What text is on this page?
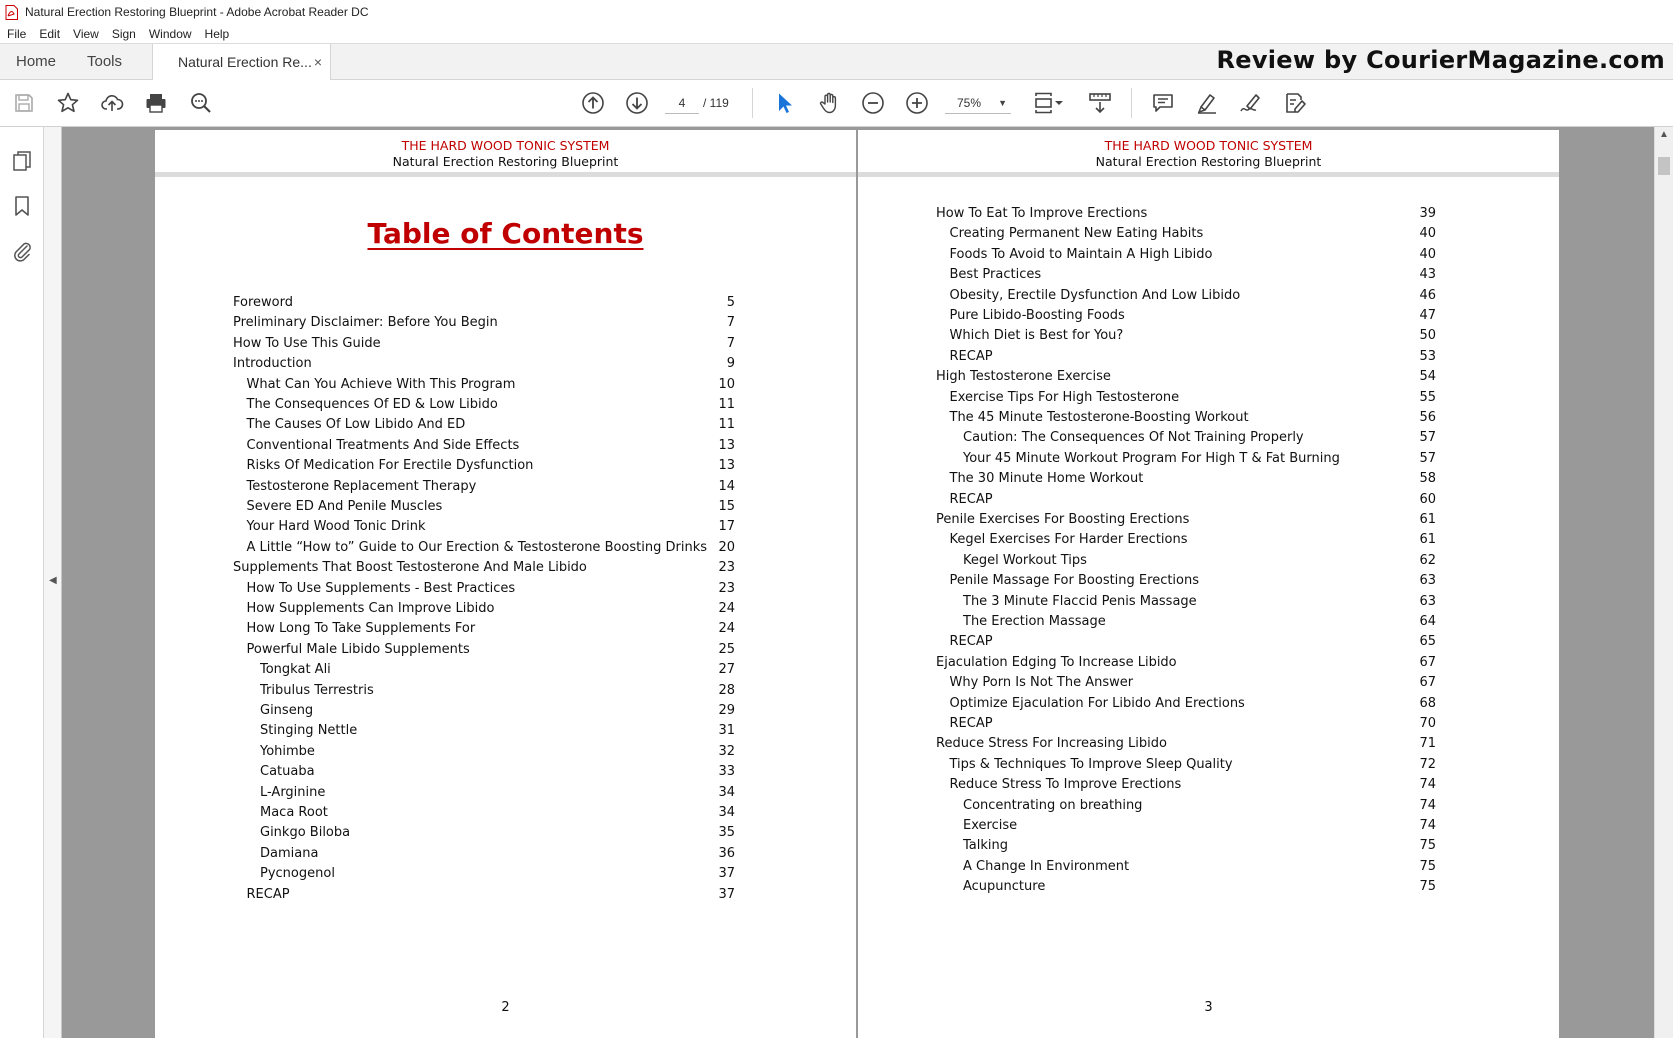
Natural Erection Restoring Blueprint - Adobe Acrobat Reader DC
File	Edit	View	Sign	Window	Help
Home Tools	Natural Erection Re... ×	Review by CourierMagazine.com
4	/ 119	75% ▼
◀
THE HARD WOOD TONIC SYSTEM
Natural Erection Restoring Blueprint
Table of Contents
Foreword	5
Preliminary Disclaimer: Before You Begin	7
How To Use This Guide	7
Introduction	9
What Can You Achieve With This Program	10
The Consequences Of ED & Low Libido	11
The Causes Of Low Libido And ED	11
Conventional Treatments And Side Effects	13
Risks Of Medication For Erectile Dysfunction	13
Testosterone Replacement Therapy	14
Severe ED And Penile Muscles	15
Your Hard Wood Tonic Drink	17
A Little “How to” Guide to Our Erection & Testosterone Boosting Drinks 20
Supplements That Boost Testosterone And Male Libido	23
How To Use Supplements - Best Practices	23
How Supplements Can Improve Libido	24
How Long To Take Supplements For	24
Powerful Male Libido Supplements	25
Tongkat Ali	27
Tribulus Terrestris	28
Ginseng	29
Stinging Nettle	31
Yohimbe	32
Catuaba	33
L-Arginine	34
Maca Root	34
Ginkgo Biloba	35
Damiana	36
Pycnogenol	37
RECAP	37
2
THE HARD WOOD TONIC SYSTEM
Natural Erection Restoring Blueprint
How To Eat To Improve Erections	39
Creating Permanent New Eating Habits	40
Foods To Avoid to Maintain A High Libido	40
Best Practices	43
Obesity, Erectile Dysfunction And Low Libido	46
Pure Libido-Boosting Foods	47
Which Diet is Best for You?	50
RECAP	53
High Testosterone Exercise	54
Exercise Tips For High Testosterone	55
The 45 Minute Testosterone-Boosting Workout	56
Caution: The Consequences Of Not Training Properly	57
Your 45 Minute Workout Program For High T & Fat Burning	57
The 30 Minute Home Workout	58
RECAP	60
Penile Exercises For Boosting Erections	61
Kegel Exercises For Harder Erections	61
Kegel Workout Tips	62
Penile Massage For Boosting Erections	63
The 3 Minute Flaccid Penis Massage	63
The Erection Massage	64
RECAP	65
Ejaculation Edging To Increase Libido	67
Why Porn Is Not The Answer	67
Optimize Ejaculation For Libido And Erections	68
RECAP	70
Reduce Stress For Increasing Libido	71
Tips & Techniques To Improve Sleep Quality	72
Reduce Stress To Improve Erections	74
Concentrating on breathing	74
Exercise	74
Talking	75
A Change In Environment	75
Acupuncture	75
3
▲
